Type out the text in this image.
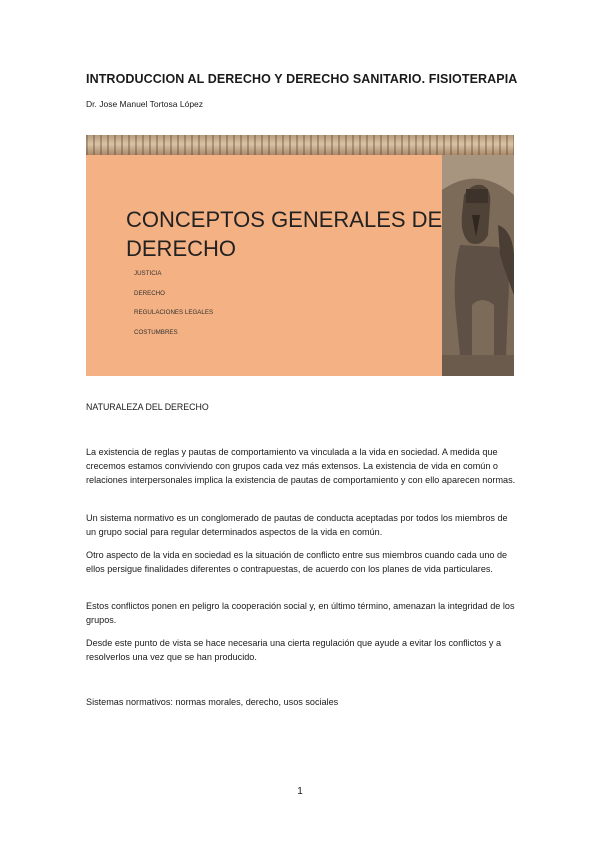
INTRODUCCION AL DERECHO Y DERECHO SANITARIO. FISIOTERAPIA
Dr. Jose Manuel Tortosa López
CONCEPTOS GENERALES DE
DERECHO
JUSTICIA
DERECHO
REGULACIONES LEGALES
COSTUMBRES
NATURALEZA DEL DERECHO
La existencia de reglas y pautas de comportamiento va vinculada a la vida en sociedad. A medida que crecemos estamos conviviendo con grupos cada vez más extensos. La existencia de vida en común o relaciones interpersonales implica la existencia de pautas de comportamiento y con ello aparecen normas.
Un sistema normativo es un conglomerado de pautas de conducta aceptadas por todos los miembros de un grupo social para regular determinados aspectos de la vida en común.
Otro aspecto de la vida en sociedad es la situación de conflicto entre sus miembros cuando cada uno de ellos persigue finalidades diferentes o contrapuestas, de acuerdo con los planes de vida particulares.
Estos conflictos ponen en peligro la cooperación social y, en último término, amenazan la integridad de los grupos.
Desde este punto de vista se hace necesaria una cierta regulación que ayude a evitar los conflictos y a resolverlos una vez que se han producido.
Sistemas normativos: normas morales, derecho, usos sociales
1
